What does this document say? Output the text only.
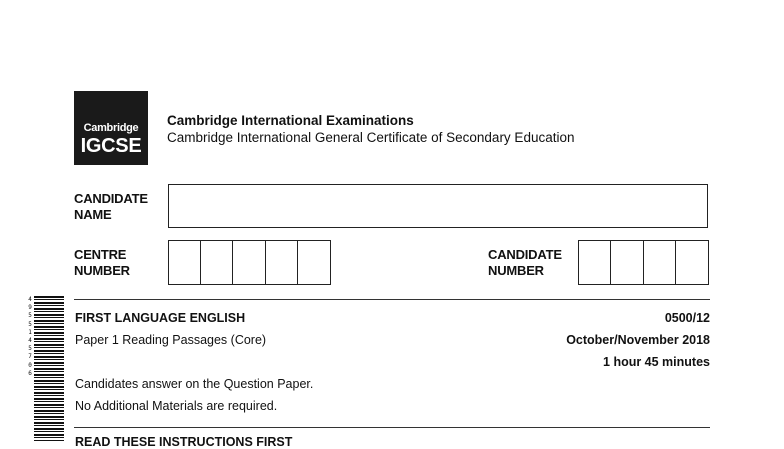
Cambridge
IGCSE
Cambridge International Examinations
Cambridge International General Certificate of Secondary Education
CANDIDATE
NAME
CENTRE
NUMBER
CANDIDATE
NUMBER
4
9
5
5
1
4
5
7
0
6
FIRST LANGUAGE ENGLISH	0500/12
Paper 1 Reading Passages (Core)	October/November 2018
1 hour 45 minutes
Candidates answer on the Question Paper.
No Additional Materials are required.
READ THESE INSTRUCTIONS FIRST
